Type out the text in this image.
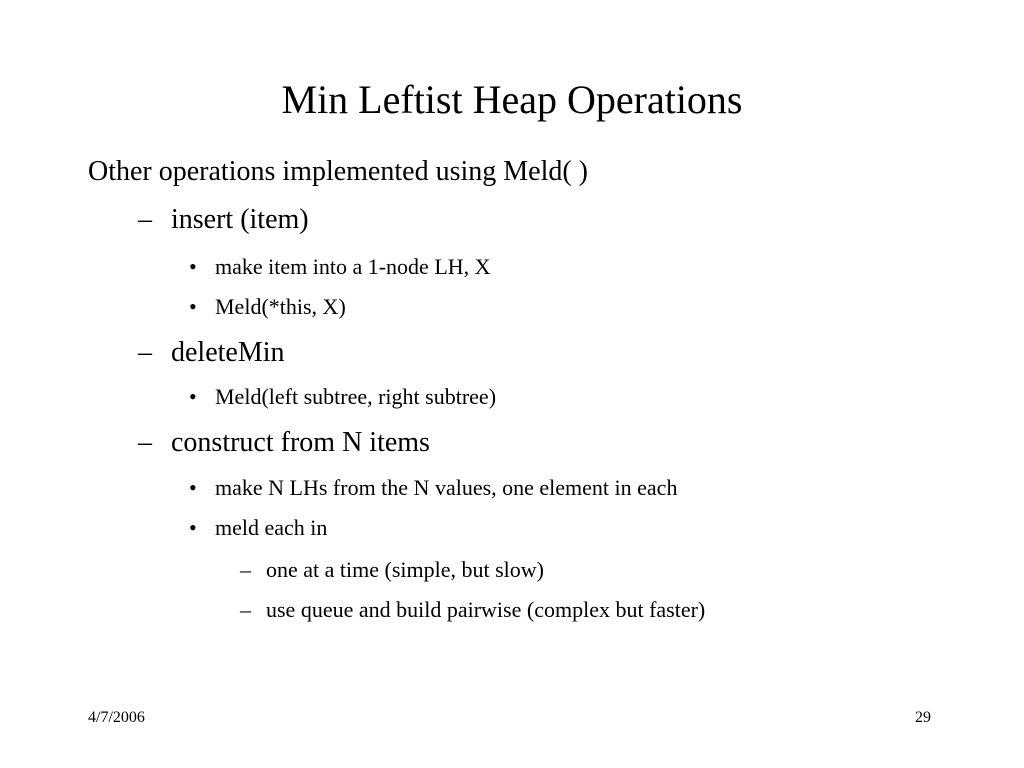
Min Leftist Heap Operations
Other operations implemented using Meld( )
– insert (item)
• make item into a 1-node LH, X
• Meld(*this, X)
– deleteMin
• Meld(left subtree, right subtree)
– construct from N items
• make N LHs from the N values, one element in each
• meld each in
– one at a time (simple, but slow)
– use queue and build pairwise (complex but faster)
4/7/2006	29
